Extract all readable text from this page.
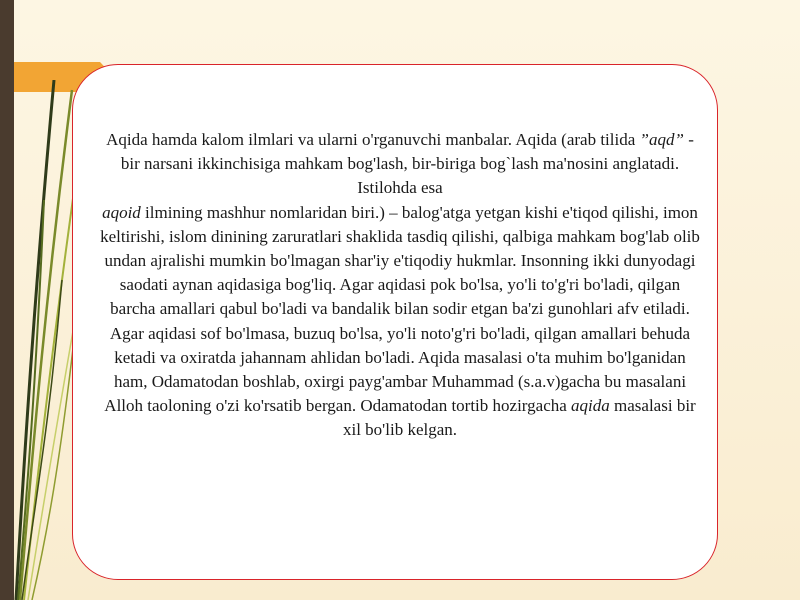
Aqida hamda kalom ilmlari va ularni o'rganuvchi manbalar. Aqida (arab tilida ”aqd” - bir narsani ikkinchisiga mahkam bog'lash, bir-biriga bog`lash ma'nosini anglatadi. Istilohda esa
aqoid ilmining mashhur nomlaridan biri.) – balog'atga yetgan kishi e'tiqod qilishi, imon keltirishi, islom dinining zaruratlari shaklida tasdiq qilishi, qalbiga mahkam bog'lab olib undan ajralishi mumkin bo'lmagan shar'iy e'tiqodiy hukmlar. Insonning ikki dunyodagi saodati aynan aqidasiga bog'liq. Agar aqidasi pok bo'lsa, yo'li to'g'ri bo'ladi, qilgan barcha amallari qabul bo'ladi va bandalik bilan sodir etgan ba'zi gunohlari afv etiladi. Agar aqidasi sof bo'lmasa, buzuq bo'lsa, yo'li noto'g'ri bo'ladi, qilgan amallari behuda ketadi va oxiratda jahannam ahlidan bo'ladi. Aqida masalasi o'ta muhim bo'lganidan ham, Odamatodan boshlab, oxirgi payg'ambar Muhammad (s.a.v)gacha bu masalani Alloh taoloning o'zi ko'rsatib bergan. Odamatodan tortib hozirgacha aqida masalasi bir xil bo'lib kelgan.
